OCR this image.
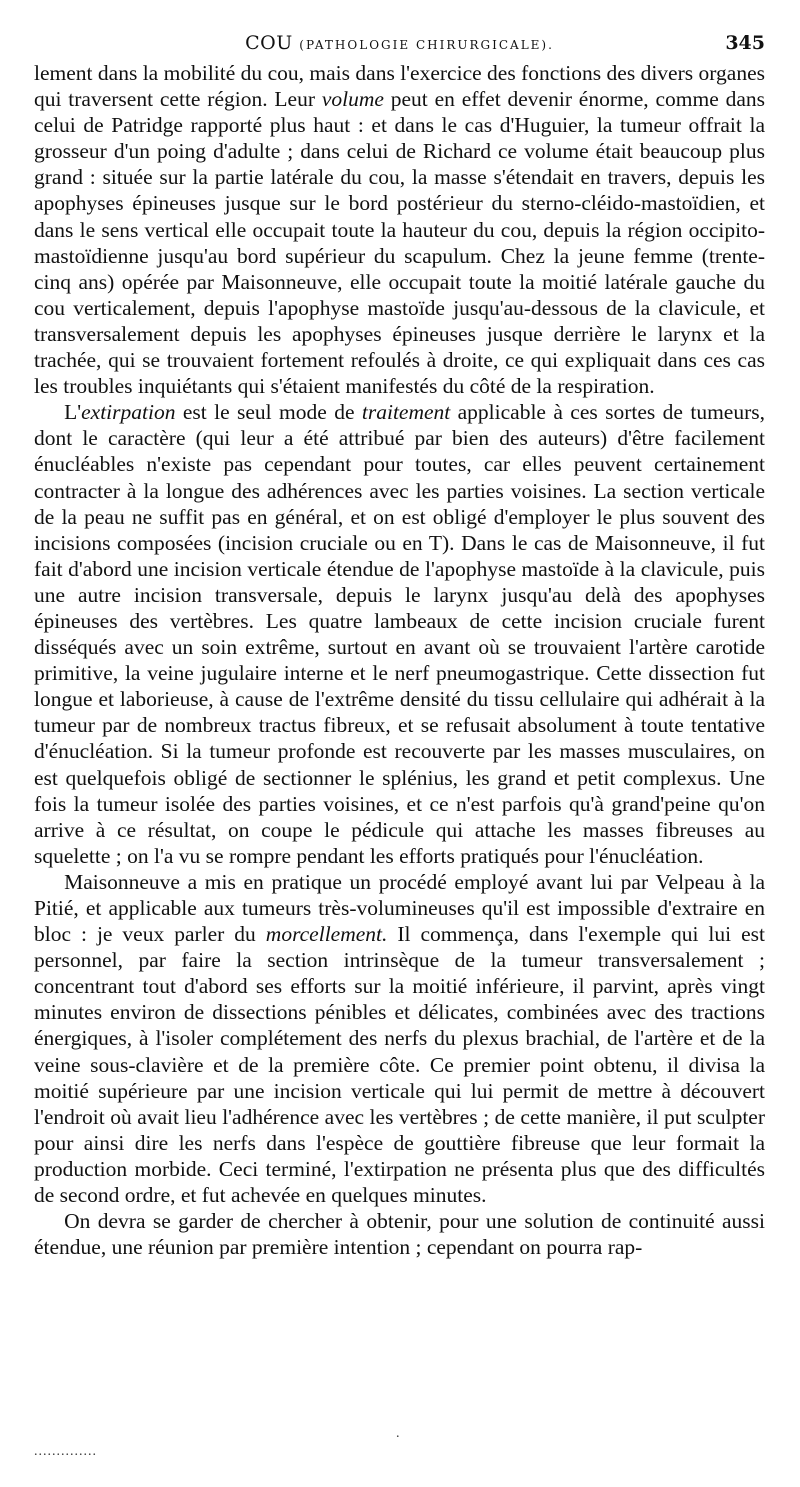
COU (PATHOLOGIE CHIRURGICALE).	345

lement dans la mobilité du cou, mais dans l'exercice des fonctions des divers organes qui traversent cette région. Leur volume peut en effet devenir énorme, comme dans celui de Patridge rapporté plus haut : et dans le cas d'Huguier, la tumeur offrait la grosseur d'un poing d'adulte ; dans celui de Richard ce volume était beaucoup plus grand : située sur la partie latérale du cou, la masse s'étendait en travers, depuis les apophyses épineuses jusque sur le bord postérieur du sterno-cléido-mastoïdien, et dans le sens vertical elle occupait toute la hauteur du cou, depuis la région occipito-mastoïdienne jusqu'au bord supérieur du scapulum. Chez la jeune femme (trente-cinq ans) opérée par Maisonneuve, elle occupait toute la moitié latérale gauche du cou verticalement, depuis l'apophyse mastoïde jusqu'au-dessous de la clavicule, et transversalement depuis les apophyses épineuses jusque derrière le larynx et la trachée, qui se trouvaient fortement refoulés à droite, ce qui expliquait dans ces cas les troubles inquiétants qui s'étaient manifestés du côté de la respiration.

L'extirpation est le seul mode de traitement applicable à ces sortes de tumeurs, dont le caractère (qui leur a été attribué par bien des auteurs) d'être facilement énucléables n'existe pas cependant pour toutes, car elles peuvent certainement contracter à la longue des adhérences avec les parties voisines. La section verticale de la peau ne suffit pas en général, et on est obligé d'employer le plus souvent des incisions composées (incision cruciale ou en T). Dans le cas de Maisonneuve, il fut fait d'abord une incision verticale étendue de l'apophyse mastoïde à la clavicule, puis une autre incision transversale, depuis le larynx jusqu'au delà des apophyses épineuses des vertèbres. Les quatre lambeaux de cette incision cruciale furent disséqués avec un soin extrême, surtout en avant où se trouvaient l'artère carotide primitive, la veine jugulaire interne et le nerf pneumogastrique. Cette dissection fut longue et laborieuse, à cause de l'extrême densité du tissu cellulaire qui adhérait à la tumeur par de nombreux tractus fibreux, et se refusait absolument à toute tentative d'énucléation. Si la tumeur profonde est recouverte par les masses musculaires, on est quelquefois obligé de sectionner le splénius, les grand et petit complexus. Une fois la tumeur isolée des parties voisines, et ce n'est parfois qu'à grand'peine qu'on arrive à ce résultat, on coupe le pédicule qui attache les masses fibreuses au squelette ; on l'a vu se rompre pendant les efforts pratiqués pour l'énucléation.

Maisonneuve a mis en pratique un procédé employé avant lui par Velpeau à la Pitié, et applicable aux tumeurs très-volumineuses qu'il est impossible d'extraire en bloc : je veux parler du morcellement. Il commença, dans l'exemple qui lui est personnel, par faire la section intrinsèque de la tumeur transversalement ; concentrant tout d'abord ses efforts sur la moitié inférieure, il parvint, après vingt minutes environ de dissections pénibles et délicates, combinées avec des tractions énergiques, à l'isoler complétement des nerfs du plexus brachial, de l'artère et de la veine sous-clavière et de la première côte. Ce premier point obtenu, il divisa la moitié supérieure par une incision verticale qui lui permit de mettre à découvert l'endroit où avait lieu l'adhérence avec les vertèbres ; de cette manière, il put sculpter pour ainsi dire les nerfs dans l'espèce de gouttière fibreuse que leur formait la production morbide. Ceci terminé, l'extirpation ne présenta plus que des difficultés de second ordre, et fut achevée en quelques minutes.

On devra se garder de chercher à obtenir, pour une solution de continuité aussi étendue, une réunion par première intention ; cependant on pourra rap-

.
..............
